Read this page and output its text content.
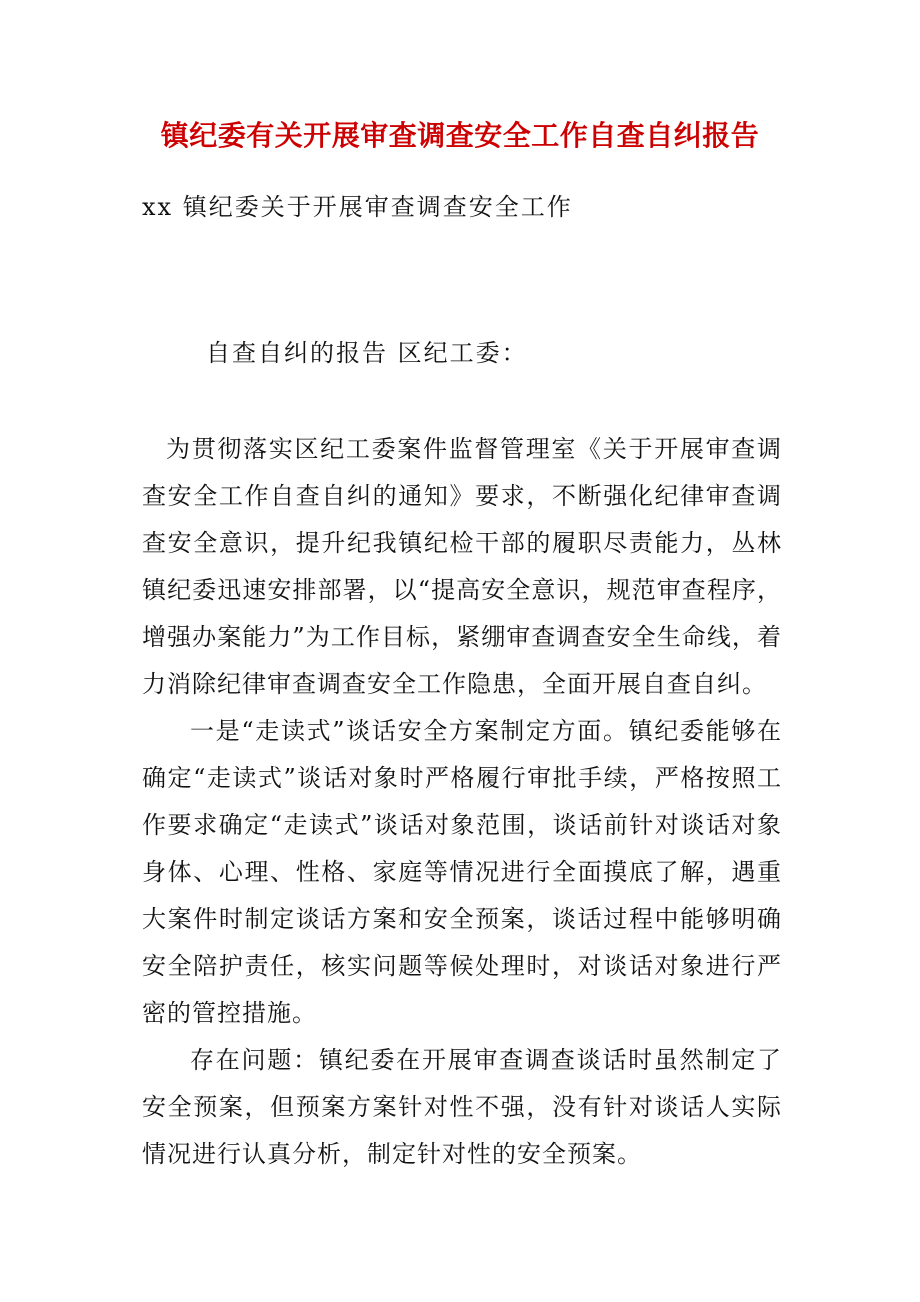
镇纪委有关开展审查调查安全工作自查自纠报告
xx 镇纪委关于开展审查调查安全工作
自查自纠的报告 区纪工委：

为贯彻落实区纪工委案件监督管理室《关于开展审查调查安全工作自查自纠的通知》要求，不断强化纪律审查调查安全意识，提升纪我镇纪检干部的履职尽责能力，丛林镇纪委迅速安排部署，以“提高安全意识，规范审查程序，增强办案能力”为工作目标，紧绷审查调查安全生命线，着力消除纪律审查调查安全工作隐患，全面开展自查自纠。

一是“走读式”谈话安全方案制定方面。镇纪委能够在确定“走读式”谈话对象时严格履行审批手续，严格按照工作要求确定“走读式”谈话对象范围，谈话前针对谈话对象身体、心理、性格、家庭等情况进行全面摸底了解，遇重大案件时制定谈话方案和安全预案，谈话过程中能够明确安全陪护责任，核实问题等候处理时，对谈话对象进行严密的管控措施。

存在问题：镇纪委在开展审查调查谈话时虽然制定了安全预案，但预案方案针对性不强，没有针对谈话人实际情况进行认真分析，制定针对性的安全预案。
